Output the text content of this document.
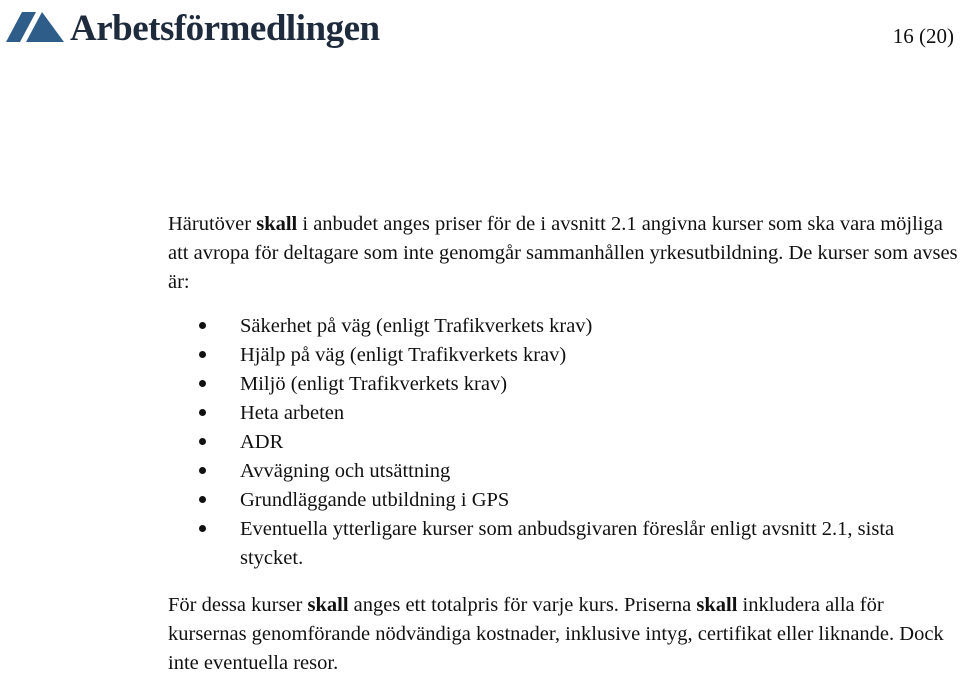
Arbetsförmedlingen	16 (20)

Härutöver skall i anbudet anges priser för de i avsnitt 2.1 angivna kurser som ska vara möjliga att avropa för deltagare som inte genomgår sammanhållen yrkesutbildning. De kurser som avses är:

Säkerhet på väg (enligt Trafikverkets krav)
Hjälp på väg (enligt Trafikverkets krav)
Miljö (enligt Trafikverkets krav)
Heta arbeten
ADR
Avvägning och utsättning
Grundläggande utbildning i GPS
Eventuella ytterligare kurser som anbudsgivaren föreslår enligt avsnitt 2.1, sista stycket.

För dessa kurser skall anges ett totalpris för varje kurs. Priserna skall inkludera alla för kursernas genomförande nödvändiga kostnader, inklusive intyg, certifikat eller liknande. Dock inte eventuella resor.
